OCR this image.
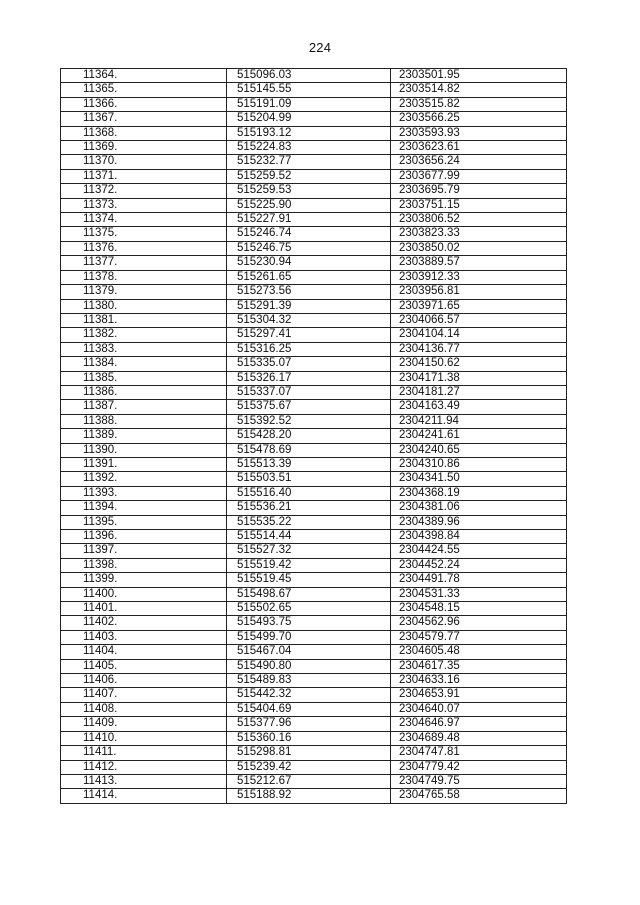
224
11364.	515096.03	2303501.95
11365.	515145.55	2303514.82
11366.	515191.09	2303515.82
11367.	515204.99	2303566.25
11368.	515193.12	2303593.93
11369.	515224.83	2303623.61
11370.	515232.77	2303656.24
11371.	515259.52	2303677.99
11372.	515259.53	2303695.79
11373.	515225.90	2303751.15
11374.	515227.91	2303806.52
11375.	515246.74	2303823.33
11376.	515246.75	2303850.02
11377.	515230.94	2303889.57
11378.	515261.65	2303912.33
11379.	515273.56	2303956.81
11380.	515291.39	2303971.65
11381.	515304.32	2304066.57
11382.	515297.41	2304104.14
11383.	515316.25	2304136.77
11384.	515335.07	2304150.62
11385.	515326.17	2304171.38
11386.	515337.07	2304181.27
11387.	515375.67	2304163.49
11388.	515392.52	2304211.94
11389.	515428.20	2304241.61
11390.	515478.69	2304240.65
11391.	515513.39	2304310.86
11392.	515503.51	2304341.50
11393.	515516.40	2304368.19
11394.	515536.21	2304381.06
11395.	515535.22	2304389.96
11396.	515514.44	2304398.84
11397.	515527.32	2304424.55
11398.	515519.42	2304452.24
11399.	515519.45	2304491.78
11400.	515498.67	2304531.33
11401.	515502.65	2304548.15
11402.	515493.75	2304562.96
11403.	515499.70	2304579.77
11404.	515467.04	2304605.48
11405.	515490.80	2304617.35
11406.	515489.83	2304633.16
11407.	515442.32	2304653.91
11408.	515404.69	2304640.07
11409.	515377.96	2304646.97
11410.	515360.16	2304689.48
11411.	515298.81	2304747.81
11412.	515239.42	2304779.42
11413.	515212.67	2304749.75
11414.	515188.92	2304765.58
